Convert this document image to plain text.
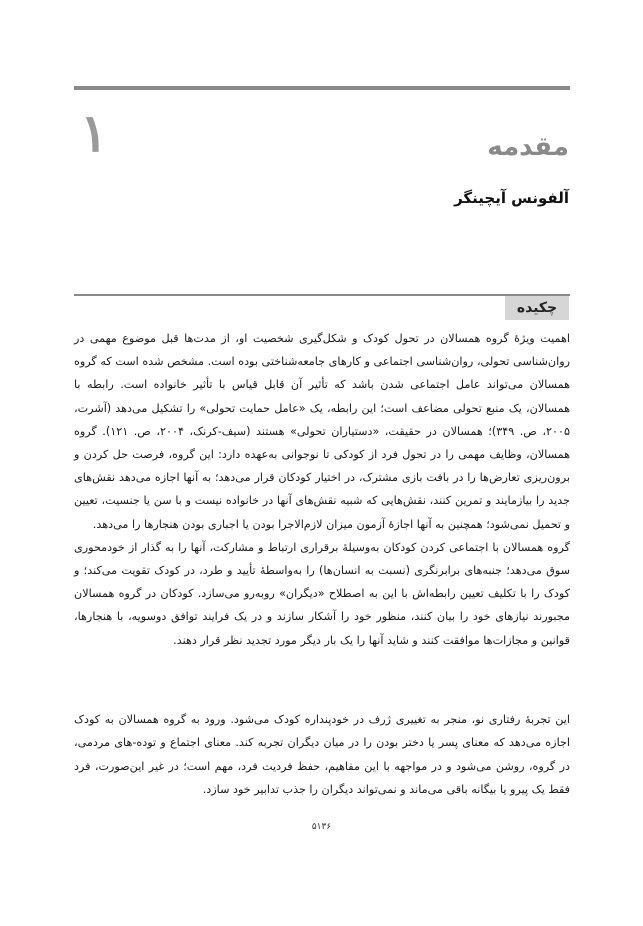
۱	مقدمه
آلفونس آیچینگر
چکیده

اهمیت ویژهٔ گروه همسالان در تحول کودک و شکل‌گیری شخصیت او، از مدت‌ها قبل موضوع مهمی در روان‌شناسی تحولی، روان‌شناسی اجتماعی و کارهای جامعه‌شناختی بوده است. مشخص شده است که گروه همسالان می‌تواند عامل اجتماعی شدن باشد که تأثیر آن قابل قیاس با تأثیر خانواده است. رابطه با همسالان، یک منبع تحولی مضاعف است؛ این رابطه، یک «عامل حمایت تحولی» را تشکیل می‌دهد (آشرت، ۲۰۰۵، ص. ۳۴۹)؛ همسالان در حقیقت، «دستیاران تحولی» هستند (سیف-کرنک، ۲۰۰۴، ص. ۱۲۱). گروه همسالان، وظایف مهمی را در تحول فرد از کودکی تا نوجوانی به‌عهده دارد: این گروه، فرصت حل کردن و برون‌ریزی تعارض‌ها را در بافت بازی مشترک، در اختیار کودکان قرار می‌دهد؛ به آنها اجازه می‌دهد نقش‌های جدید را بیازمایند و تمرین کنند، نقش‌هایی که شبیه نقش‌های آنها در خانواده نیست و با سن یا جنسیت، تعیین و تحمیل نمی‌شود؛ همچنین به آنها اجازهٔ آزمون میزان لازم‌الاجرا بودن یا اجباری بودن هنجارها را می‌دهد.

گروه همسالان با اجتماعی کردن کودکان به‌وسیلهٔ برقراری ارتباط و مشارکت، آنها را به گذار از خودمحوری سوق می‌دهد؛ جنبه‌های برابرنگری (نسبت به انسان‌ها) را به‌واسطهٔ تأیید و طرد، در کودک تقویت می‌کند؛ و کودک را با تکلیف تعیین رابطه‌اش با این به اصطلاح «دیگران» روبه‌رو می‌سازد. کودکان در گروه همسالان مجبورند نیازهای خود را بیان کنند، منظور خود را آشکار سازند و در یک فرایند توافق دوسویه، با هنجارها، قوانین و مجازات‌ها موافقت کنند و شاید آنها را یک بار دیگر مورد تجدید نظر قرار دهند.

این تجربهٔ رفتاری نو، منجر به تغییری ژرف در خودپنداره کودک می‌شود. ورود به گروه همسالان به کودک اجازه می‌دهد که معنای پسر یا دختر بودن را در میان دیگران تجربه کند. معنای اجتماع و توده-های مردمی، در گروه، روشن می‌شود و در مواجهه با این مفاهیم، حفظ فردیت فرد، مهم است؛ در غیر این‌صورت، فرد فقط یک پیرو یا بیگانه باقی می‌ماند و نمی‌تواند دیگران را جذب تدابیر خود سازد.

۵۱۳۶
